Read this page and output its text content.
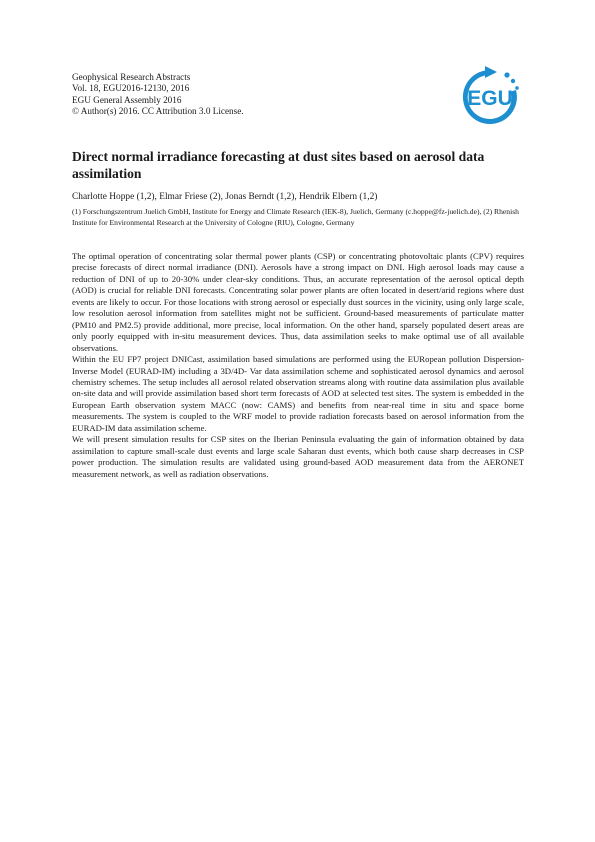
Geophysical Research Abstracts
Vol. 18, EGU2016-12130, 2016
EGU General Assembly 2016
© Author(s) 2016. CC Attribution 3.0 License.
EGU
Direct normal irradiance forecasting at dust sites based on aerosol data assimilation
Charlotte Hoppe (1,2), Elmar Friese (2), Jonas Berndt (1,2), Hendrik Elbern (1,2)
(1) Forschungszentrum Juelich GmbH, Institute for Energy and Climate Research (IEK-8), Juelich, Germany (c.hoppe@fz-juelich.de), (2) Rhenish Institute for Environmental Research at the University of Cologne (RIU), Cologne, Germany

The optimal operation of concentrating solar thermal power plants (CSP) or concentrating photovoltaic plants (CPV) requires precise forecasts of direct normal irradiance (DNI). Aerosols have a strong impact on DNI. High aerosol loads may cause a reduction of DNI of up to 20-30% under clear-sky conditions. Thus, an accurate representation of the aerosol optical depth (AOD) is crucial for reliable DNI forecasts. Concentrating solar power plants are often located in desert/arid regions where dust events are likely to occur. For those locations with strong aerosol or especially dust sources in the vicinity, using only large scale, low resolution aerosol information from satellites might not be sufficient. Ground-based measurements of particulate matter (PM10 and PM2.5) provide additional, more precise, local information. On the other hand, sparsely populated desert areas are only poorly equipped with in-situ measurement devices. Thus, data assimilation seeks to make optimal use of all available observations.

Within the EU FP7 project DNICast, assimilation based simulations are performed using the EURopean pollution Dispersion-Inverse Model (EURAD-IM) including a 3D/4D- Var data assimilation scheme and sophisticated aerosol dynamics and aerosol chemistry schemes. The setup includes all aerosol related observation streams along with routine data assimilation plus available on-site data and will provide assimilation based short term forecasts of AOD at selected test sites. The system is embedded in the European Earth observation system MACC (now: CAMS) and benefits from near-real time in situ and space borne measurements. The system is coupled to the WRF model to provide radiation forecasts based on aerosol information from the EURAD-IM data assimilation scheme.

We will present simulation results for CSP sites on the Iberian Peninsula evaluating the gain of information obtained by data assimilation to capture small-scale dust events and large scale Saharan dust events, which both cause sharp decreases in CSP power production. The simulation results are validated using ground-based AOD measurement data from the AERONET measurement network, as well as radiation observations.
